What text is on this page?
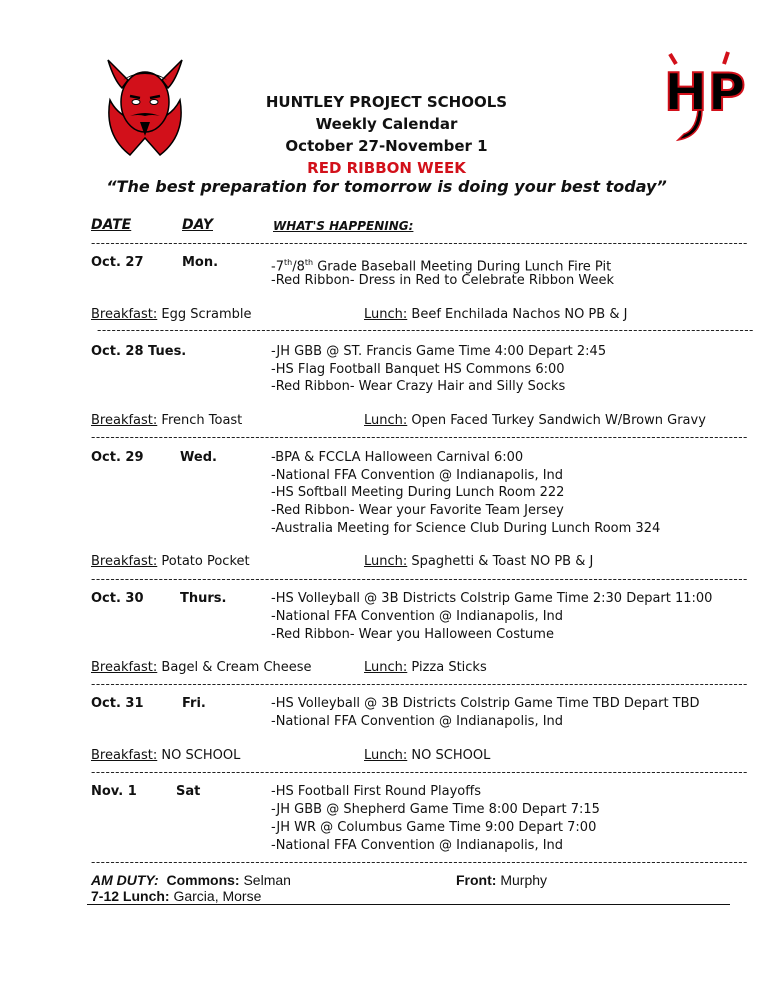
HP
HUNTLEY PROJECT SCHOOLS
Weekly Calendar
October 27-November 1
RED RIBBON WEEK
“The best preparation for tomorrow is doing your best today”
DATE	DAY	WHAT'S HAPPENING:
----------------------------------------------------------------------------------------------------------------------------------------
Oct. 27	Mon.	-7th/8th Grade Baseball Meeting During Lunch Fire Pit
-Red Ribbon- Dress in Red to Celebrate Ribbon Week
Breakfast: Egg Scramble	Lunch: Beef Enchilada Nachos NO PB & J
----------------------------------------------------------------------------------------------------------------------------------------
Oct. 28 Tues.	-JH GBB @ ST. Francis Game Time 4:00 Depart 2:45
-HS Flag Football Banquet HS Commons 6:00
-Red Ribbon- Wear Crazy Hair and Silly Socks
Breakfast: French Toast	Lunch: Open Faced Turkey Sandwich W/Brown Gravy
----------------------------------------------------------------------------------------------------------------------------------------
Oct. 29	Wed.	-BPA & FCCLA Halloween Carnival 6:00
-National FFA Convention @ Indianapolis, Ind
-HS Softball Meeting During Lunch Room 222
-Red Ribbon- Wear your Favorite Team Jersey
-Australia Meeting for Science Club During Lunch Room 324
Breakfast: Potato Pocket	Lunch: Spaghetti & Toast NO PB & J
----------------------------------------------------------------------------------------------------------------------------------------
Oct. 30	Thurs.	-HS Volleyball @ 3B Districts Colstrip Game Time 2:30 Depart 11:00
-National FFA Convention @ Indianapolis, Ind
-Red Ribbon- Wear you Halloween Costume
Breakfast: Bagel & Cream Cheese	Lunch: Pizza Sticks
----------------------------------------------------------------------------------------------------------------------------------------
Oct. 31	Fri.	-HS Volleyball @ 3B Districts Colstrip Game Time TBD Depart TBD
-National FFA Convention @ Indianapolis, Ind
Breakfast: NO SCHOOL	Lunch: NO SCHOOL
----------------------------------------------------------------------------------------------------------------------------------------
Nov. 1	Sat	-HS Football First Round Playoffs
-JH GBB @ Shepherd Game Time 8:00 Depart 7:15
-JH WR @ Columbus Game Time 9:00 Depart 7:00
-National FFA Convention @ Indianapolis, Ind
----------------------------------------------------------------------------------------------------------------------------------------
AM DUTY: Commons: Selman	Front: Murphy
7-12 Lunch: Garcia, Morse
